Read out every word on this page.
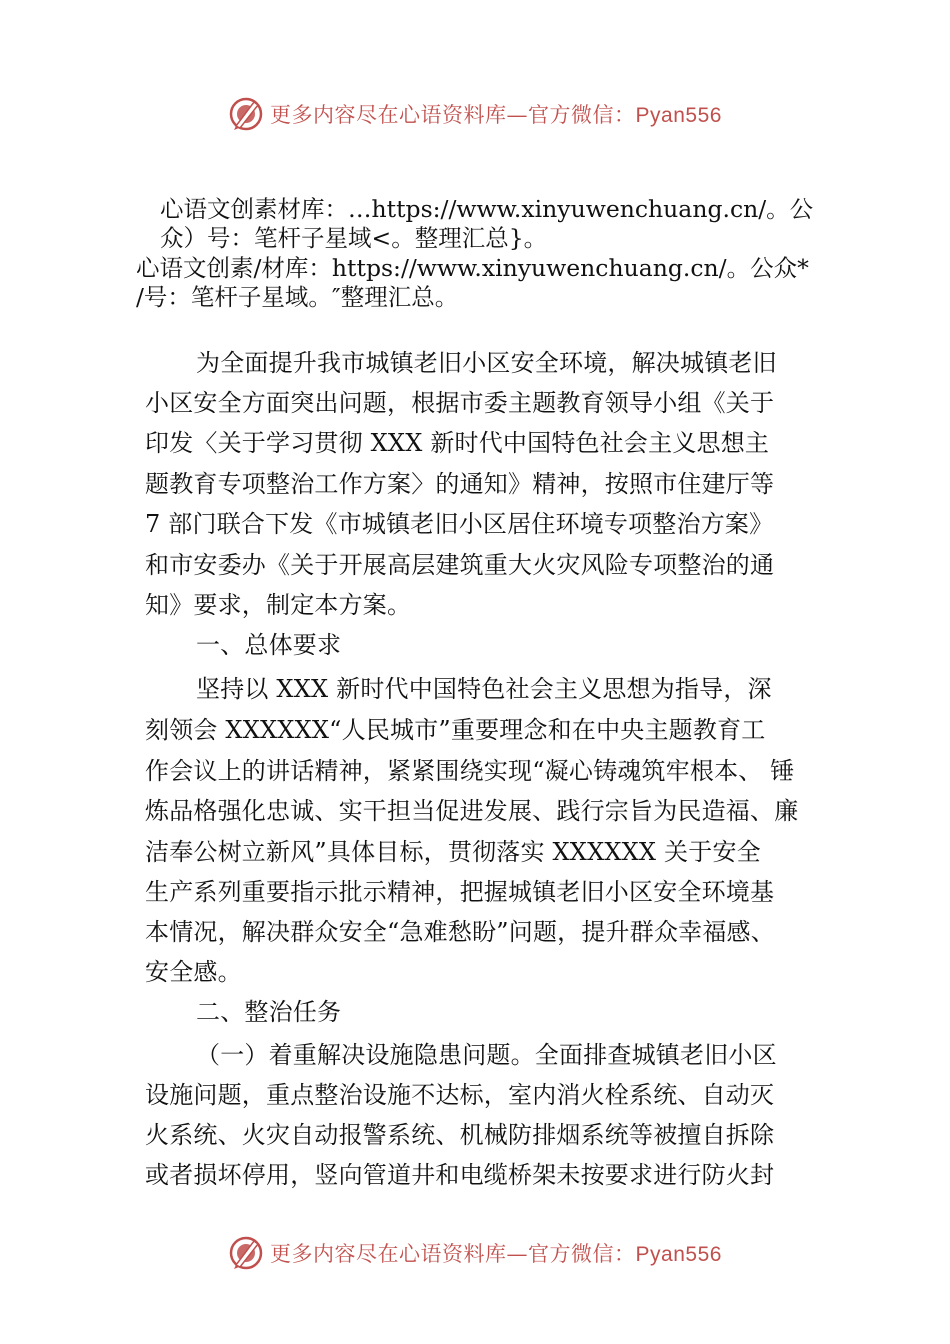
更多内容尽在心语资料库—官方微信：Pyan556
心语文创素材库：…https://www.xinyuwenchuang.cn/。公
众）号：笔杆子星域<。整理汇总}。
心语文创素/材库：https://www.xinyuwenchuang.cn/。公众*
/号：笔杆子星域。″整理汇总。
为全面提升我市城镇老旧小区安全环境，解决城镇老旧
小区安全方面突出问题，根据市委主题教育领导小组《关于
印发〈关于学习贯彻 XXX 新时代中国特色社会主义思想主
题教育专项整治工作方案〉的通知》精神，按照市住建厅等
7 部门联合下发《市城镇老旧小区居住环境专项整治方案》
和市安委办《关于开展高层建筑重大火灾风险专项整治的通
知》要求，制定本方案。
一、总体要求
坚持以 XXX 新时代中国特色社会主义思想为指导，深
刻领会 XXXXXX“人民城市”重要理念和在中央主题教育工
作会议上的讲话精神，紧紧围绕实现“凝心铸魂筑牢根本、 锤
炼品格强化忠诚、实干担当促进发展、践行宗旨为民造福、廉
洁奉公树立新风”具体目标，贯彻落实 XXXXXX 关于安全
生产系列重要指示批示精神，把握城镇老旧小区安全环境基
本情况，解决群众安全“急难愁盼”问题，提升群众幸福感、
安全感。
二、整治任务
（一）着重解决设施隐患问题。全面排查城镇老旧小区
设施问题，重点整治设施不达标，室内消火栓系统、自动灭
火系统、火灾自动报警系统、机械防排烟系统等被擅自拆除
或者损坏停用，竖向管道井和电缆桥架未按要求进行防火封
更多内容尽在心语资料库—官方微信：Pyan556
